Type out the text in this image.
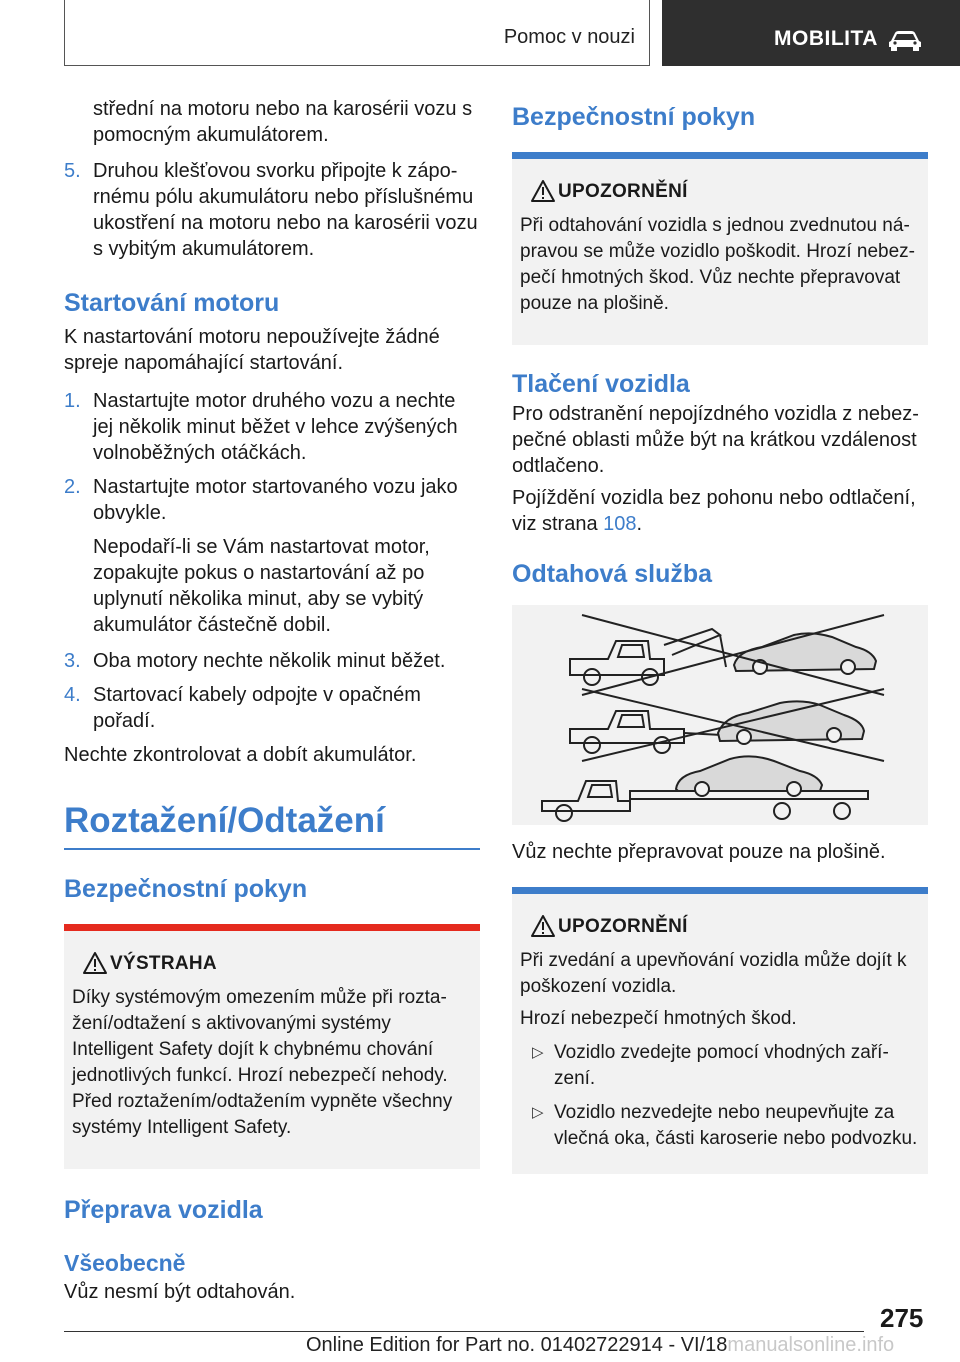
Pomoc v nouzi	MOBILITA

střední na motoru nebo na karosérii vozu s pomocným akumulátorem.

5. Druhou klešťovou svorku připojte k zápornému pólu akumulátoru nebo příslušnému ukostření na motoru nebo na karosérii vozu s vybitým akumulátorem.
Startování motoru

K nastartování motoru nepoužívejte žádné spreje napomáhající startování.

1. Nastartujte motor druhého vozu a nechte jej několik minut běžet v lehce zvýšených volnoběžných otáčkách.
2. Nastartujte motor startovaného vozu jako obvykle.

Nepodaří-li se Vám nastartovat motor, zopakujte pokus o nastartování až po uplynutí několika minut, aby se vybitý akumulátor částečně dobil.

3. Oba motory nechte několik minut běžet.
4. Startovací kabely odpojte v opačném pořadí.

Nechte zkontrolovat a dobít akumulátor.

Roztažení/Odtažení
Bezpečnostní pokyn
VÝSTRAHA

Díky systémovým omezením může při roztažení/odtažení s aktivovanými systémy Intelligent Safety dojít k chybnému chování jednotlivých funkcí. Hrozí nebezpečí nehody. Před roztažením/odtažením vypněte všechny systémy Intelligent Safety.

Přeprava vozidla
Všeobecně

Vůz nesmí být odtahován.

Bezpečnostní pokyn
UPOZORNĚNÍ

Při odtahování vozidla s jednou zvednutou nápravou se může vozidlo poškodit. Hrozí nebezpečí hmotných škod. Vůz nechte přepravovat pouze na plošině.

Tlačení vozidla

Pro odstranění nepojízdného vozidla z nebezpečné oblasti může být na krátkou vzdálenost odtlačeno.

Pojíždění vozidla bez pohonu nebo odtlačení, viz strana 108.

Odtahová služba

Vůz nechte přepravovat pouze na plošině.

UPOZORNĚNÍ

Při zvedání a upevňování vozidla může dojít k poškození vozidla.

Hrozí nebezpečí hmotných škod.

▷ Vozidlo zvedejte pomocí vhodných zařízení.
▷ Vozidlo nezvedejte nebo neupevňujte za vlečná oka, části karoserie nebo podvozku.
275
Online Edition for Part no. 01402722914 - VI/18manualsonline.info
